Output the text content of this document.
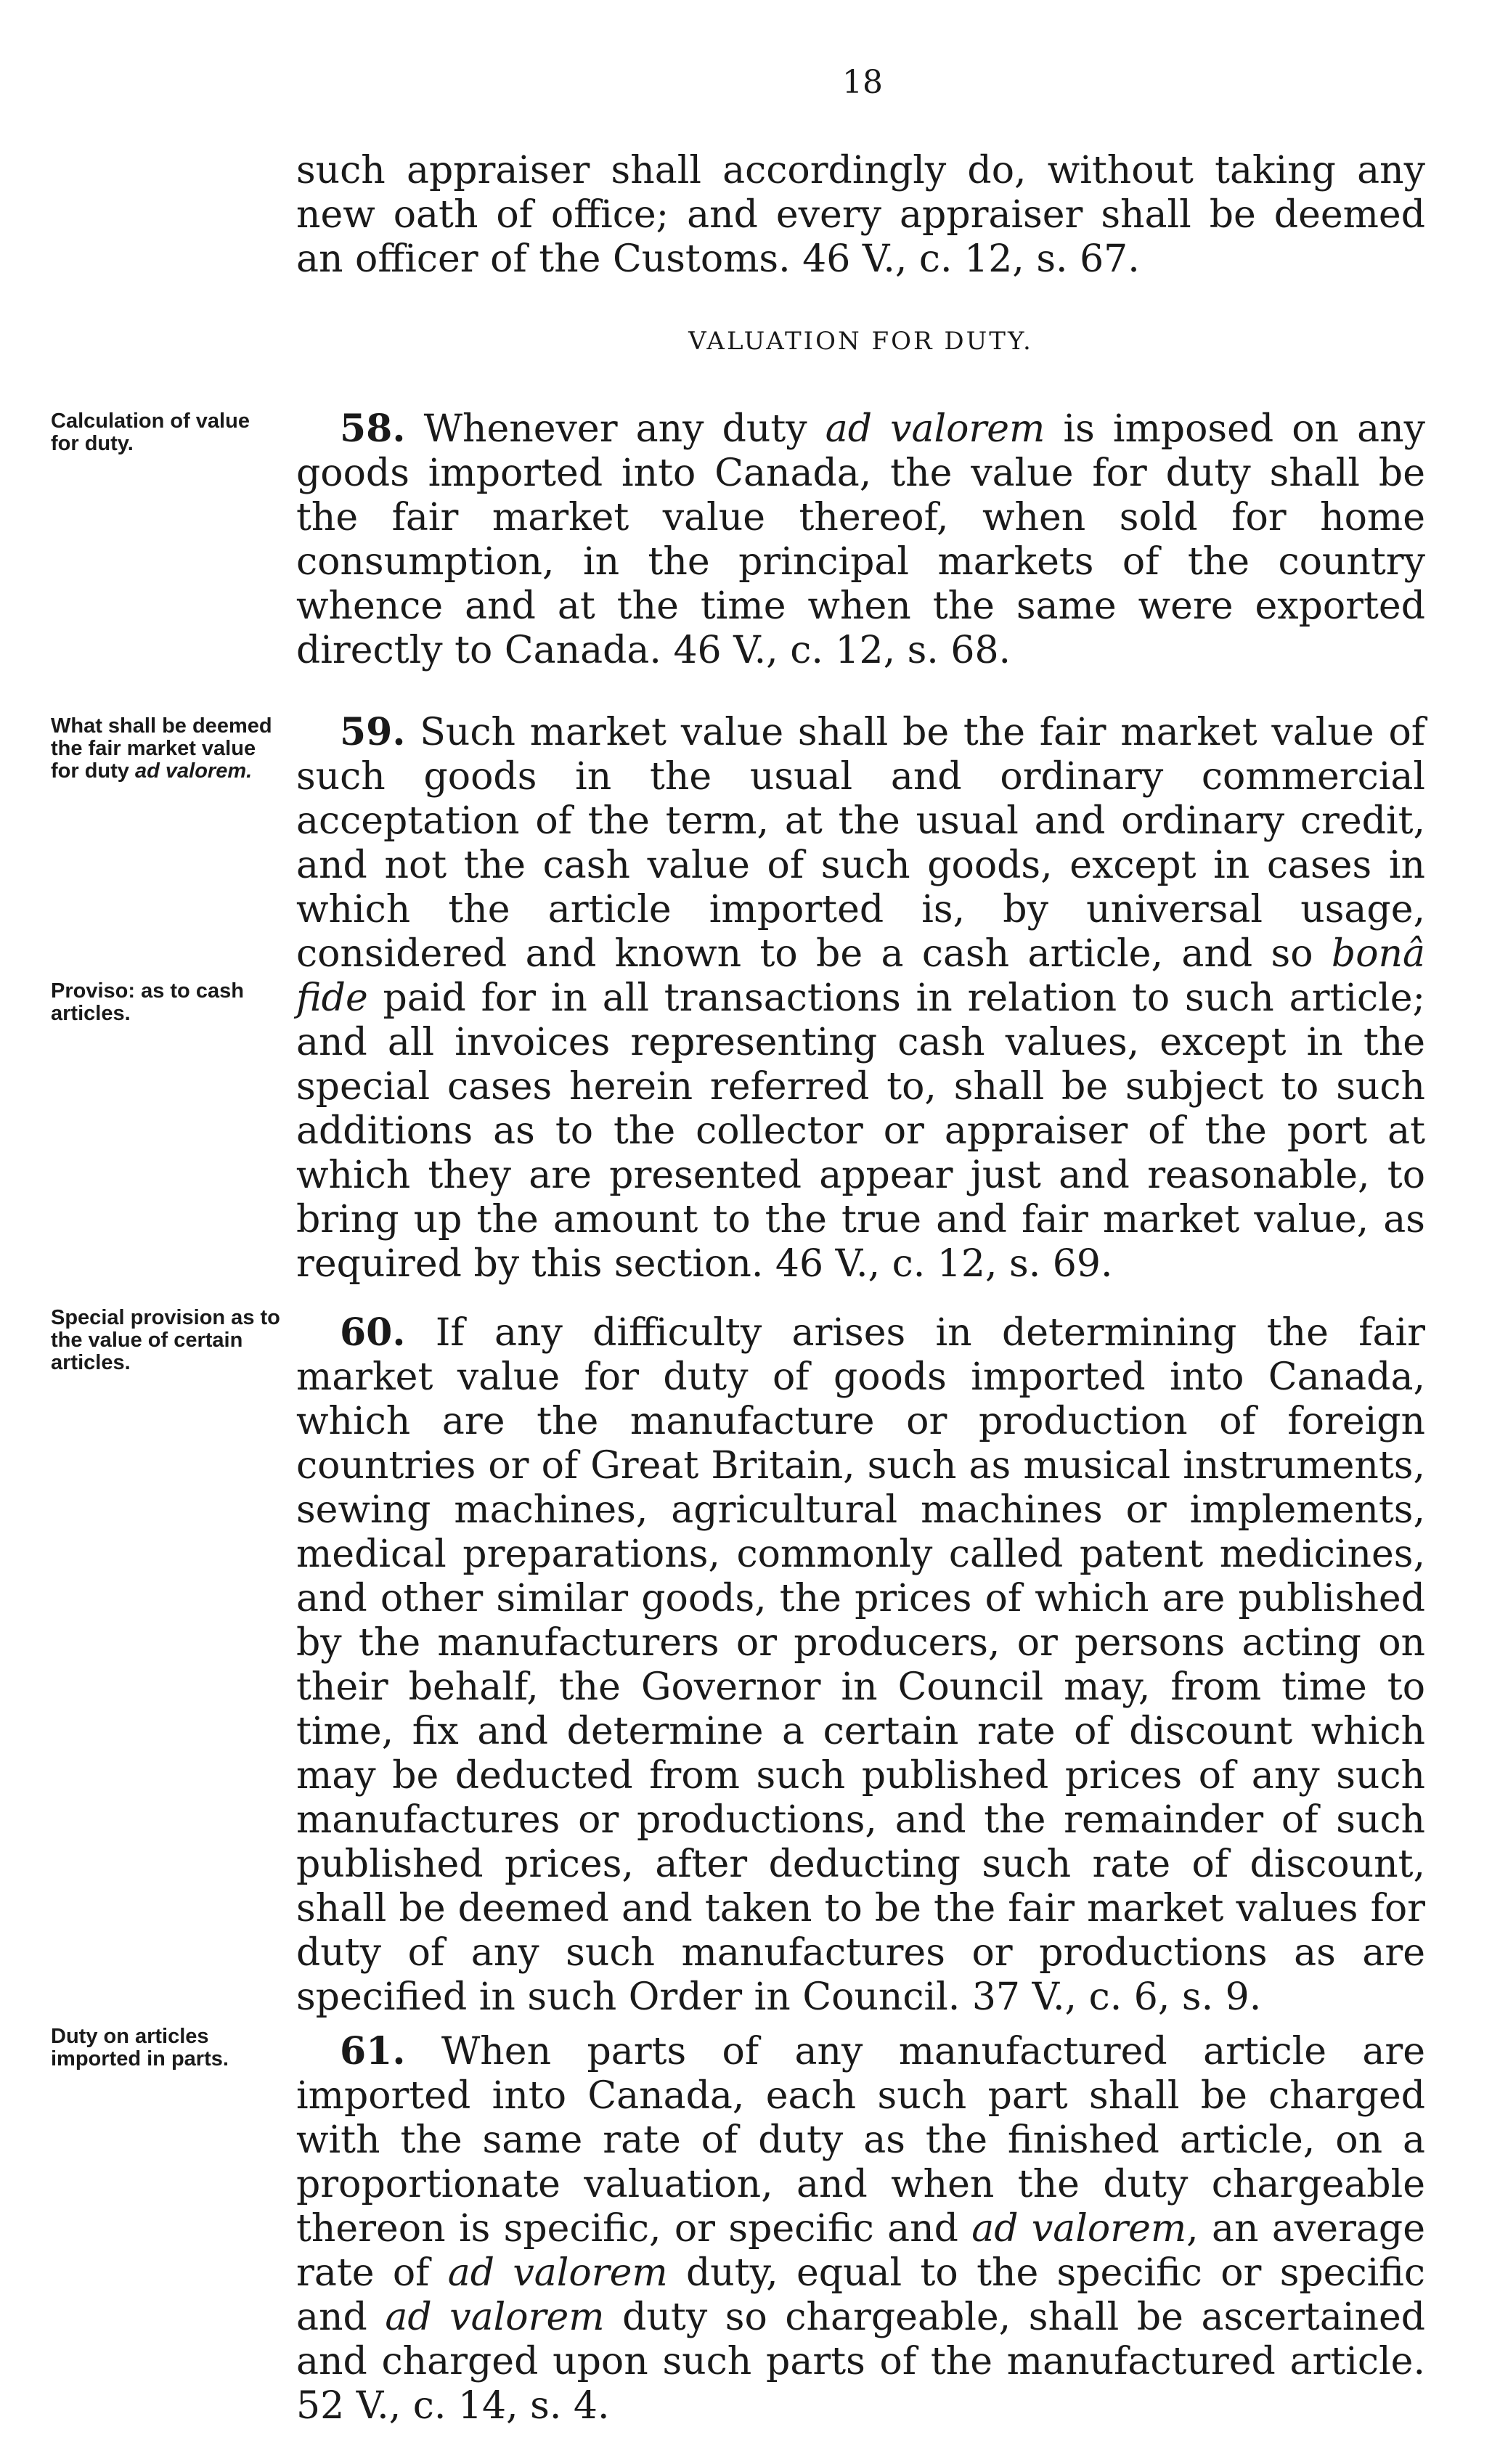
18
such appraiser shall accordingly do, without taking any new oath of office; and every appraiser shall be deemed an officer of the Customs. 46 V., c. 12, s. 67.
VALUATION FOR DUTY.
Calculation of value for duty.	58. Whenever any duty ad valorem is imposed on any goods imported into Canada, the value for duty shall be the fair market value thereof, when sold for home consumption, in the principal markets of the country whence and at the time when the same were exported directly to Canada. 46 V., c. 12, s. 68.
What shall be deemed the fair market value for duty ad valorem.
Proviso: as to cash articles.
59. Such market value shall be the fair market value of such goods in the usual and ordinary commercial acceptation of the term, at the usual and ordinary credit, and not the cash value of such goods, except in cases in which the article imported is, by universal usage, considered and known to be a cash article, and so bonâ fide paid for in all transactions in relation to such article; and all invoices representing cash values, except in the special cases herein referred to, shall be subject to such additions as to the collector or appraiser of the port at which they are presented appear just and reasonable, to bring up the amount to the true and fair market value, as required by this section. 46 V., c. 12, s. 69.
Special provision as to the value of certain articles.
60. If any difficulty arises in determining the fair market value for duty of goods imported into Canada, which are the manufacture or production of foreign countries or of Great Britain, such as musical instruments, sewing machines, agricultural machines or implements, medical preparations, commonly called patent medicines, and other similar goods, the prices of which are published by the manufacturers or producers, or persons acting on their behalf, the Governor in Council may, from time to time, fix and determine a certain rate of discount which may be deducted from such published prices of any such manufactures or productions, and the remainder of such published prices, after deducting such rate of discount, shall be deemed and taken to be the fair market values for duty of any such manufactures or productions as are specified in such Order in Council. 37 V., c. 6, s. 9.
Duty on articles imported in parts.	61. When parts of any manufactured article are imported into Canada, each such part shall be charged with the same rate of duty as the finished article, on a proportionate valuation, and when the duty chargeable thereon is specific, or specific and ad valorem, an average rate of ad valorem duty, equal to the specific or specific and ad valorem duty so chargeable, shall be ascertained and charged upon such parts of the manufactured article. 52 V., c. 14, s. 4.
